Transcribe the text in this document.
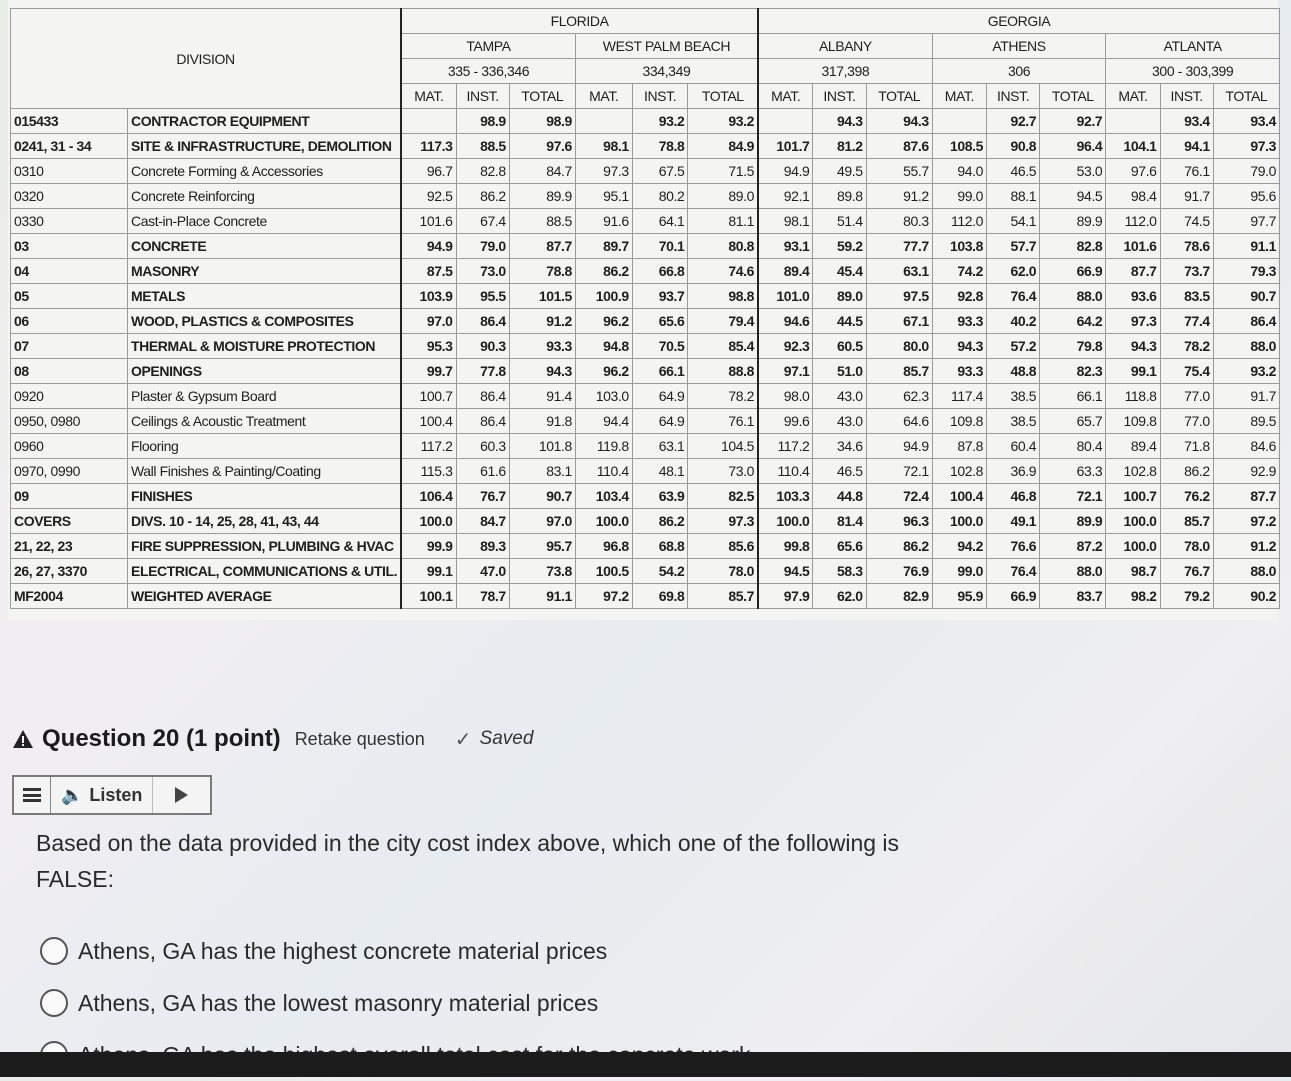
DIVISION		FLORIDA						GEORGIA								
		TAMPA			WEST PALM BEACH			ALBANY			ATHENS			ATLANTA		
		335 - 336,346			334,349			317,398			306			300 - 303,399		
		MAT.	INST.	TOTAL	MAT.	INST.	TOTAL	MAT.	INST.	TOTAL	MAT.	INST.	TOTAL	MAT.	INST.	TOTAL
015433	CONTRACTOR EQUIPMENT		98.9	98.9		93.2	93.2		94.3	94.3		92.7	92.7		93.4	93.4
0241, 31 - 34	SITE & INFRASTRUCTURE, DEMOLITION	117.3	88.5	97.6	98.1	78.8	84.9	101.7	81.2	87.6	108.5	90.8	96.4	104.1	94.1	97.3
0310	Concrete Forming & Accessories	96.7	82.8	84.7	97.3	67.5	71.5	94.9	49.5	55.7	94.0	46.5	53.0	97.6	76.1	79.0
0320	Concrete Reinforcing	92.5	86.2	89.9	95.1	80.2	89.0	92.1	89.8	91.2	99.0	88.1	94.5	98.4	91.7	95.6
0330	Cast-in-Place Concrete	101.6	67.4	88.5	91.6	64.1	81.1	98.1	51.4	80.3	112.0	54.1	89.9	112.0	74.5	97.7
03	CONCRETE	94.9	79.0	87.7	89.7	70.1	80.8	93.1	59.2	77.7	103.8	57.7	82.8	101.6	78.6	91.1
04	MASONRY	87.5	73.0	78.8	86.2	66.8	74.6	89.4	45.4	63.1	74.2	62.0	66.9	87.7	73.7	79.3
05	METALS	103.9	95.5	101.5	100.9	93.7	98.8	101.0	89.0	97.5	92.8	76.4	88.0	93.6	83.5	90.7
06	WOOD, PLASTICS & COMPOSITES	97.0	86.4	91.2	96.2	65.6	79.4	94.6	44.5	67.1	93.3	40.2	64.2	97.3	77.4	86.4
07	THERMAL & MOISTURE PROTECTION	95.3	90.3	93.3	94.8	70.5	85.4	92.3	60.5	80.0	94.3	57.2	79.8	94.3	78.2	88.0
08	OPENINGS	99.7	77.8	94.3	96.2	66.1	88.8	97.1	51.0	85.7	93.3	48.8	82.3	99.1	75.4	93.2
0920	Plaster & Gypsum Board	100.7	86.4	91.4	103.0	64.9	78.2	98.0	43.0	62.3	117.4	38.5	66.1	118.8	77.0	91.7
0950, 0980	Ceilings & Acoustic Treatment	100.4	86.4	91.8	94.4	64.9	76.1	99.6	43.0	64.6	109.8	38.5	65.7	109.8	77.0	89.5
0960	Flooring	117.2	60.3	101.8	119.8	63.1	104.5	117.2	34.6	94.9	87.8	60.4	80.4	89.4	71.8	84.6
0970, 0990	Wall Finishes & Painting/Coating	115.3	61.6	83.1	110.4	48.1	73.0	110.4	46.5	72.1	102.8	36.9	63.3	102.8	86.2	92.9
09	FINISHES	106.4	76.7	90.7	103.4	63.9	82.5	103.3	44.8	72.4	100.4	46.8	72.1	100.7	76.2	87.7
COVERS	DIVS. 10 - 14, 25, 28, 41, 43, 44	100.0	84.7	97.0	100.0	86.2	97.3	100.0	81.4	96.3	100.0	49.1	89.9	100.0	85.7	97.2
21, 22, 23	FIRE SUPPRESSION, PLUMBING & HVAC	99.9	89.3	95.7	96.8	68.8	85.6	99.8	65.6	86.2	94.2	76.6	87.2	100.0	78.0	91.2
26, 27, 3370	ELECTRICAL, COMMUNICATIONS & UTIL.	99.1	47.0	73.8	100.5	54.2	78.0	94.5	58.3	76.9	99.0	76.4	88.0	98.7	76.7	88.0
MF2004	WEIGHTED AVERAGE	100.1	78.7	91.1	97.2	69.8	85.7	97.9	62.0	82.9	95.9	66.9	83.7	98.2	79.2	90.2
Question 20 (1 point) Retake question ✓ Saved
🔈 Listen
Based on the data provided in the city cost index above, which one of the following is FALSE:
Athens, GA has the highest concrete material prices
Athens, GA has the lowest masonry material prices
